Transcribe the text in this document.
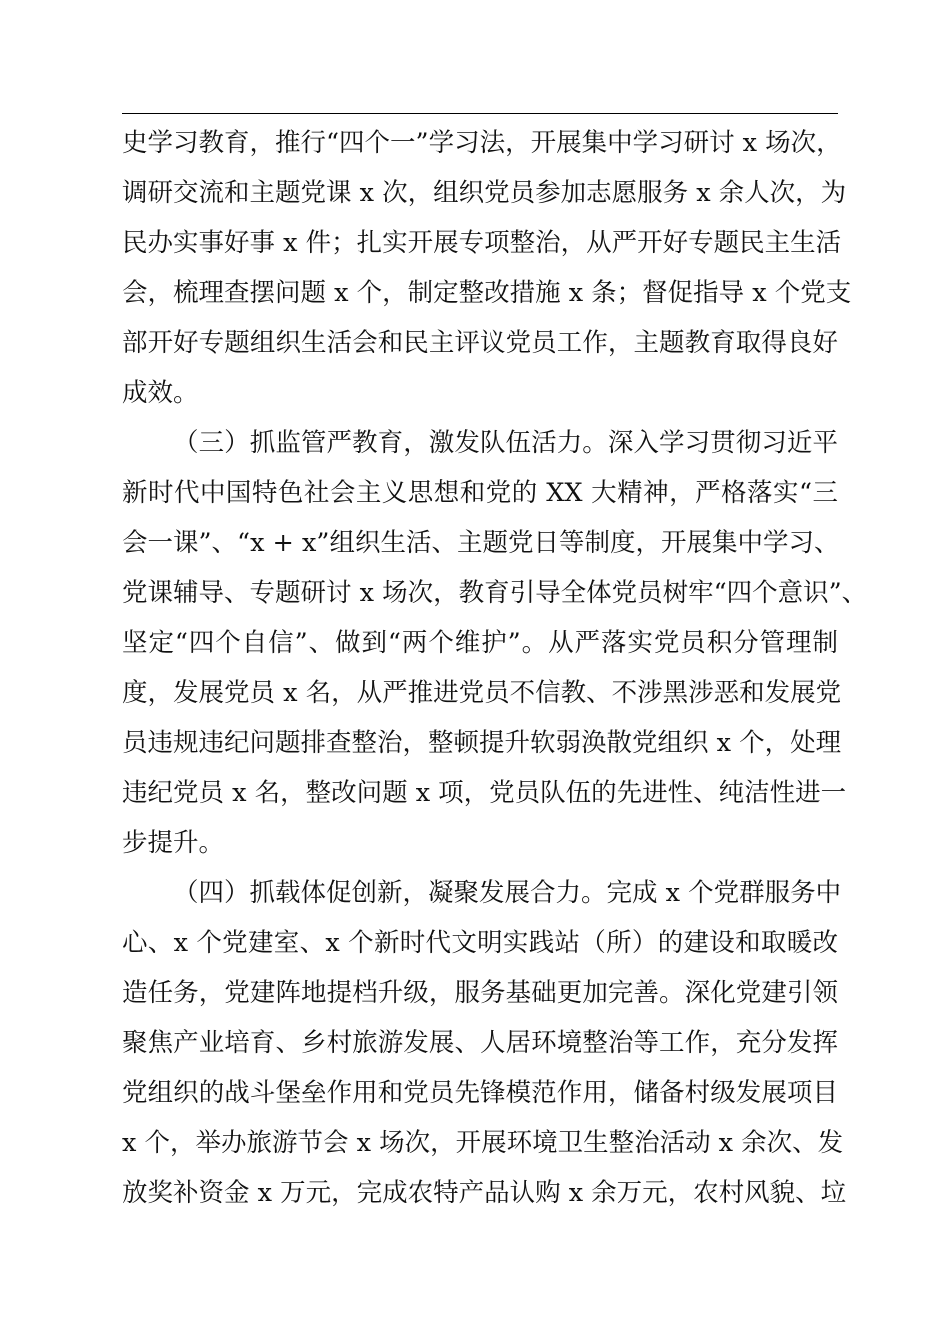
史学习教育，推行“四个一”学习法，开展集中学习研讨 x 场次，
调研交流和主题党课 x 次，组织党员参加志愿服务 x 余人次，为
民办实事好事 x 件；扎实开展专项整治，从严开好专题民主生活
会，梳理查摆问题 x 个，制定整改措施 x 条；督促指导 x 个党支
部开好专题组织生活会和民主评议党员工作，主题教育取得良好
成效。
（三）抓监管严教育，激发队伍活力。深入学习贯彻习近平
新时代中国特色社会主义思想和党的 XX 大精神，严格落实“三
会一课”、“x + x”组织生活、主题党日等制度，开展集中学习、
党课辅导、专题研讨 x 场次，教育引导全体党员树牢“四个意识”、
坚定“四个自信”、做到“两个维护”。从严落实党员积分管理制
度，发展党员 x 名，从严推进党员不信教、不涉黑涉恶和发展党
员违规违纪问题排查整治，整顿提升软弱涣散党组织 x 个，处理
违纪党员 x 名，整改问题 x 项，党员队伍的先进性、纯洁性进一
步提升。
（四）抓载体促创新，凝聚发展合力。完成 x 个党群服务中
心、x 个党建室、x 个新时代文明实践站（所）的建设和取暖改
造任务，党建阵地提档升级，服务基础更加完善。深化党建引领
聚焦产业培育、乡村旅游发展、人居环境整治等工作，充分发挥
党组织的战斗堡垒作用和党员先锋模范作用，储备村级发展项目
x 个，举办旅游节会 x 场次，开展环境卫生整治活动 x 余次、发
放奖补资金 x 万元，完成农特产品认购 x 余万元，农村风貌、垃
